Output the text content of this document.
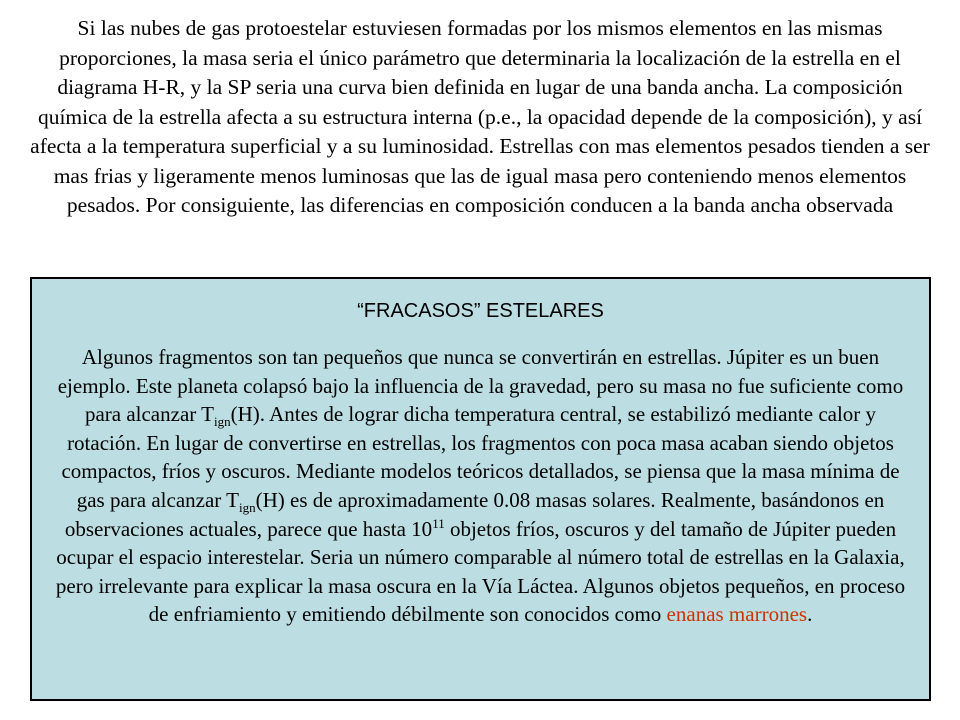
Si las nubes de gas protoestelar estuviesen formadas por los mismos elementos en las mismas proporciones, la masa seria el único parámetro que determinaria la localización de la estrella en el diagrama H-R, y la SP seria una curva bien definida en lugar de una banda ancha. La composición química de la estrella afecta a su estructura interna (p.e., la opacidad depende de la composición), y así afecta a la temperatura superficial y a su luminosidad. Estrellas con mas elementos pesados tienden a ser mas frias y ligeramente menos luminosas que las de igual masa pero conteniendo menos elementos pesados. Por consiguiente, las diferencias en composición conducen a la banda ancha observada

“FRACASOS” ESTELARES

Algunos fragmentos son tan pequeños que nunca se convertirán en estrellas. Júpiter es un buen ejemplo. Este planeta colapsó bajo la influencia de la gravedad, pero su masa no fue suficiente como para alcanzar $T_{ign}(H)$. Antes de lograr dicha temperatura central, se estabilizó mediante calor y rotación. En lugar de convertirse en estrellas, los fragmentos con poca masa acaban siendo objetos compactos, fríos y oscuros. Mediante modelos teóricos detallados, se piensa que la masa mínima de gas para alcanzar $T_{ign}(H)$ es de aproximadamente 0.08 masas solares. Realmente, basándonos en observaciones actuales, parece que hasta $10^{11}$ objetos fríos, oscuros y del tamaño de Júpiter pueden ocupar el espacio interestelar. Seria un número comparable al número total de estrellas en la Galaxia, pero irrelevante para explicar la masa oscura en la Vía Láctea. Algunos objetos pequeños, en proceso de enfriamiento y emitiendo débilmente son conocidos como enanas marrones.
